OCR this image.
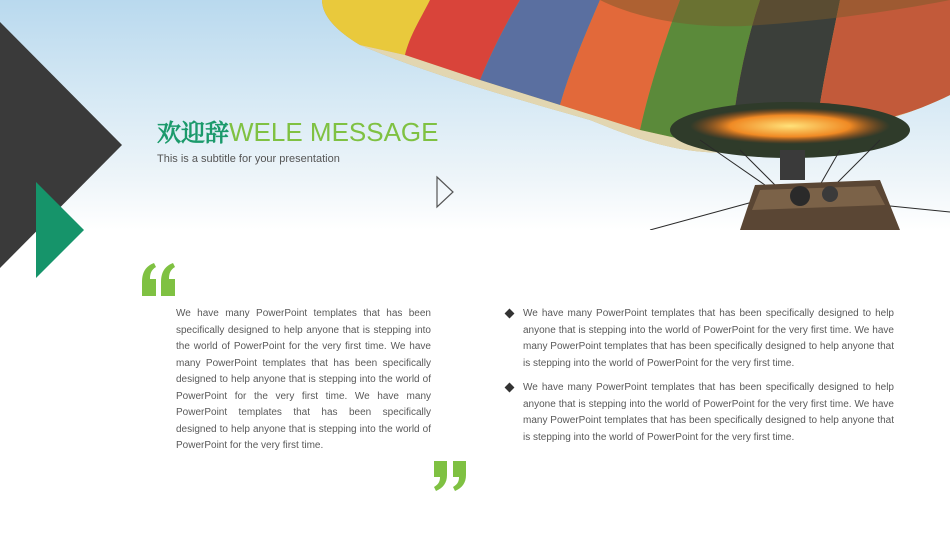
欢迎辞WELE MESSAGE
This is a subtitle for your presentation
We have many PowerPoint templates that has been specifically designed to help anyone that is stepping into the world of PowerPoint for the very first time. We have many PowerPoint templates that has been specifically designed to help anyone that is stepping into the world of PowerPoint for the very first time. We have many PowerPoint templates that has been specifically designed to help anyone that is stepping into the world of PowerPoint for the very first time.
We have many PowerPoint templates that has been specifically designed to help anyone that is stepping into the world of PowerPoint for the very first time. We have many PowerPoint templates that has been specifically designed to help anyone that is stepping into the world of PowerPoint for the very first time.
We have many PowerPoint templates that has been specifically designed to help anyone that is stepping into the world of PowerPoint for the very first time. We have many PowerPoint templates that has been specifically designed to help anyone that is stepping into the world of PowerPoint for the very first time.
